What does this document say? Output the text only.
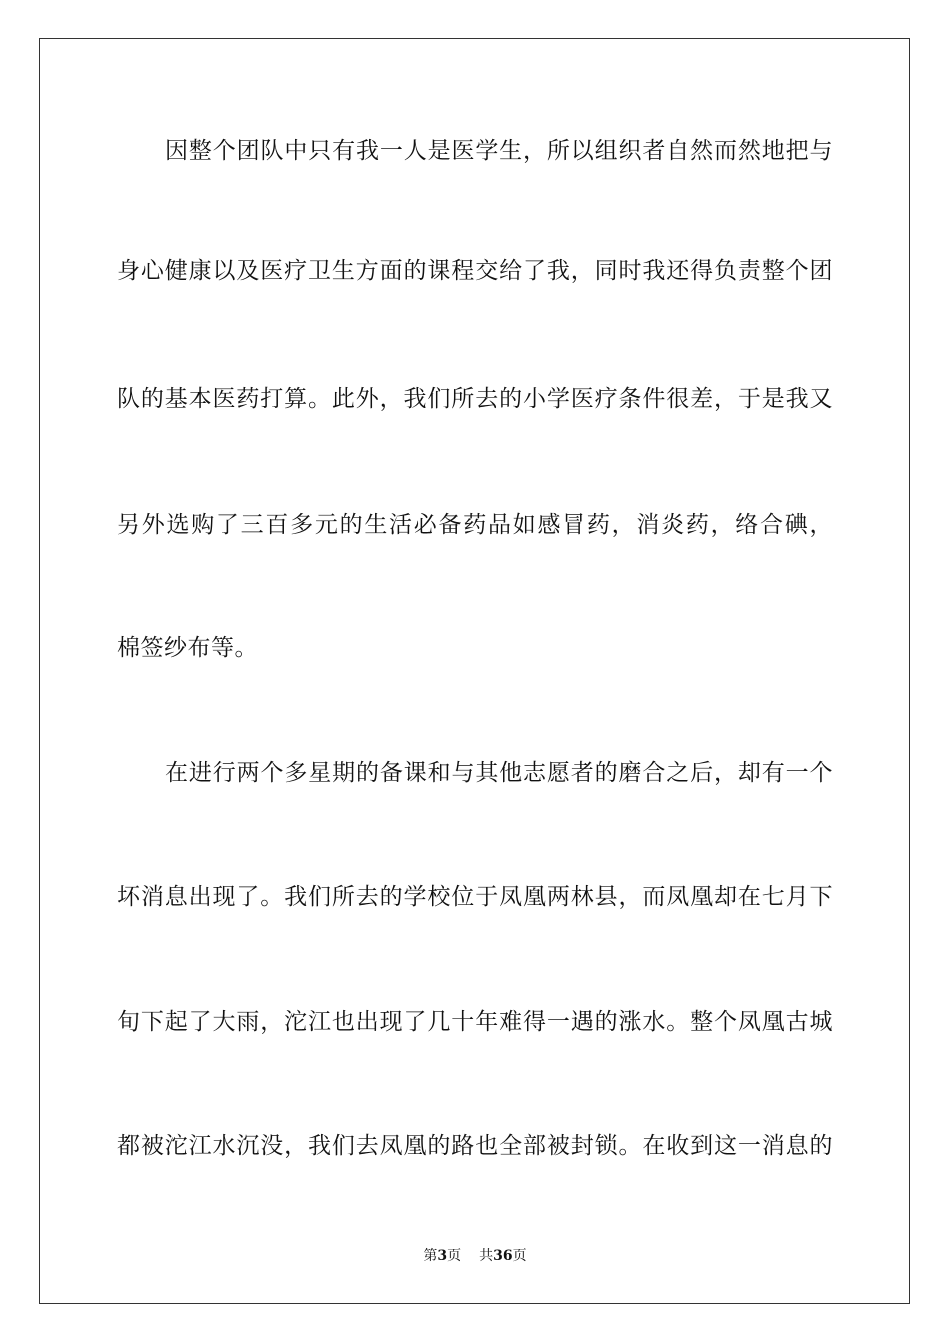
因整个团队中只有我一人是医学生，所以组织者自然而然地把与
身心健康以及医疗卫生方面的课程交给了我，同时我还得负责整个团
队的基本医药打算。此外，我们所去的小学医疗条件很差，于是我又
另外选购了三百多元的生活必备药品如感冒药，消炎药，络合碘，
棉签纱布等。
在进行两个多星期的备课和与其他志愿者的磨合之后，却有一个
坏消息出现了。我们所去的学校位于凤凰两林县，而凤凰却在七月下
旬下起了大雨，沱江也出现了几十年难得一遇的涨水。整个凤凰古城
都被沱江水沉没，我们去凤凰的路也全部被封锁。在收到这一消息的
第3页 共36页
